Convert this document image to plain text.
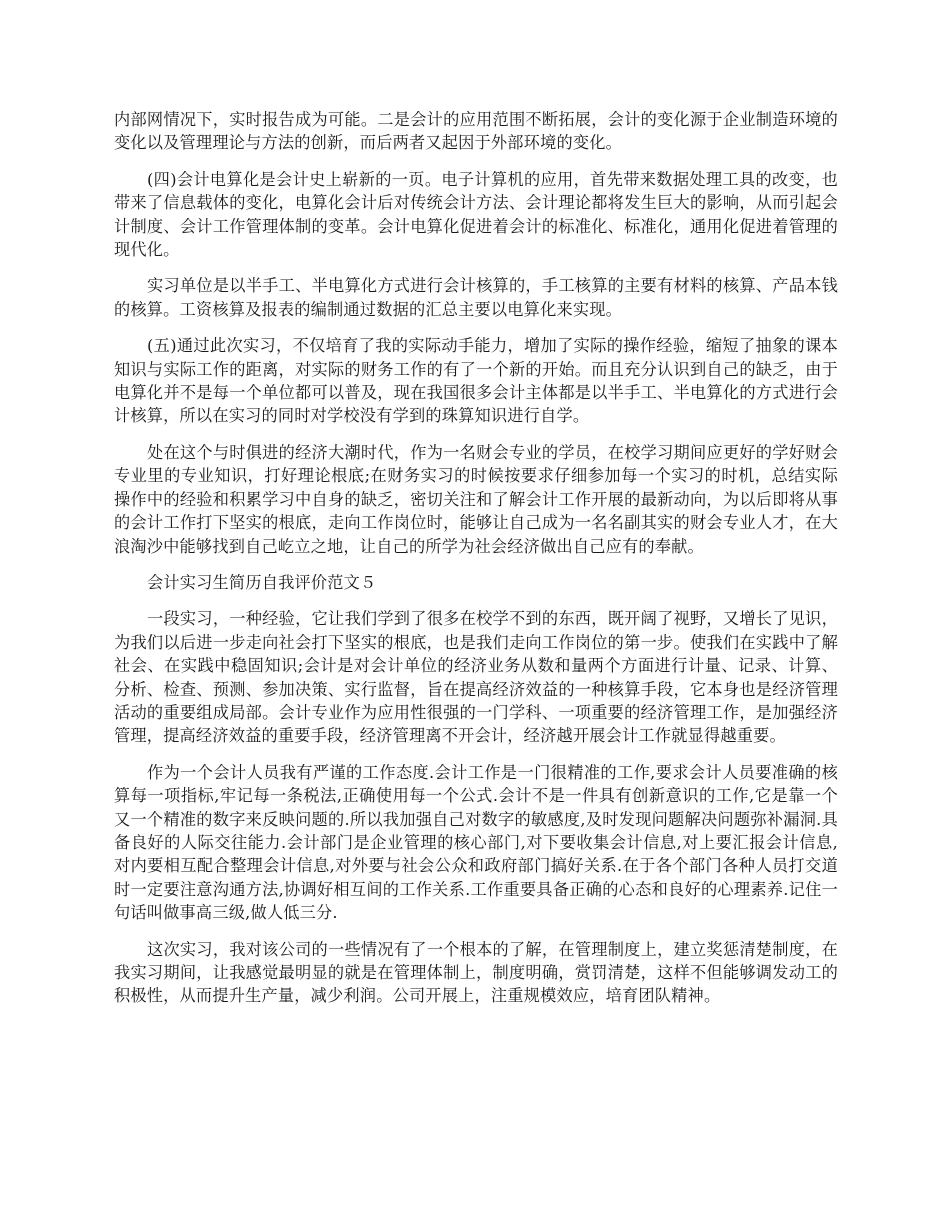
内部网情况下，实时报告成为可能。二是会计的应用范围不断拓展，会计的变化源于企业制造环境的变化以及管理理论与方法的创新，而后两者又起因于外部环境的变化。

(四)会计电算化是会计史上崭新的一页。电子计算机的应用，首先带来数据处理工具的改变，也带来了信息载体的变化，电算化会计后对传统会计方法、会计理论都将发生巨大的影响，从而引起会计制度、会计工作管理体制的变革。会计电算化促进着会计的标准化、标准化，通用化促进着管理的现代化。

实习单位是以半手工、半电算化方式进行会计核算的，手工核算的主要有材料的核算、产品本钱的核算。工资核算及报表的编制通过数据的汇总主要以电算化来实现。

(五)通过此次实习，不仅培育了我的实际动手能力，增加了实际的操作经验，缩短了抽象的课本知识与实际工作的距离，对实际的财务工作的有了一个新的开始。而且充分认识到自己的缺乏，由于电算化并不是每一个单位都可以普及，现在我国很多会计主体都是以半手工、半电算化的方式进行会计核算，所以在实习的同时对学校没有学到的珠算知识进行自学。

处在这个与时俱进的经济大潮时代，作为一名财会专业的学员，在校学习期间应更好的学好财会专业里的专业知识，打好理论根底;在财务实习的时候按要求仔细参加每一个实习的时机，总结实际操作中的经验和积累学习中自身的缺乏，密切关注和了解会计工作开展的最新动向，为以后即将从事的会计工作打下坚实的根底，走向工作岗位时，能够让自己成为一名名副其实的财会专业人才，在大浪淘沙中能够找到自己屹立之地，让自己的所学为社会经济做出自己应有的奉献。

会计实习生简历自我评价范文５

一段实习，一种经验，它让我们学到了很多在校学不到的东西，既开阔了视野，又增长了见识，为我们以后进一步走向社会打下坚实的根底，也是我们走向工作岗位的第一步。使我们在实践中了解社会、在实践中稳固知识;会计是对会计单位的经济业务从数和量两个方面进行计量、记录、计算、分析、检查、预测、参加决策、实行监督，旨在提高经济效益的一种核算手段，它本身也是经济管理活动的重要组成局部。会计专业作为应用性很强的一门学科、一项重要的经济管理工作，是加强经济管理，提高经济效益的重要手段，经济管理离不开会计，经济越开展会计工作就显得越重要。

作为一个会计人员我有严谨的工作态度.会计工作是一门很精准的工作,要求会计人员要准确的核算每一项指标,牢记每一条税法,正确使用每一个公式.会计不是一件具有创新意识的工作,它是靠一个又一个精准的数字来反映问题的.所以我加强自己对数字的敏感度,及时发现问题解决问题弥补漏洞.具备良好的人际交往能力.会计部门是企业管理的核心部门,对下要收集会计信息,对上要汇报会计信息,对内要相互配合整理会计信息,对外要与社会公众和政府部门搞好关系.在于各个部门各种人员打交道时一定要注意沟通方法,协调好相互间的工作关系.工作重要具备正确的心态和良好的心理素养.记住一句话叫做事高三级,做人低三分.

这次实习，我对该公司的一些情况有了一个根本的了解，在管理制度上，建立奖惩清楚制度，在我实习期间，让我感觉最明显的就是在管理体制上，制度明确，赏罚清楚，这样不但能够调发动工的积极性，从而提升生产量，减少利润。公司开展上，注重规模效应，培育团队精神。
